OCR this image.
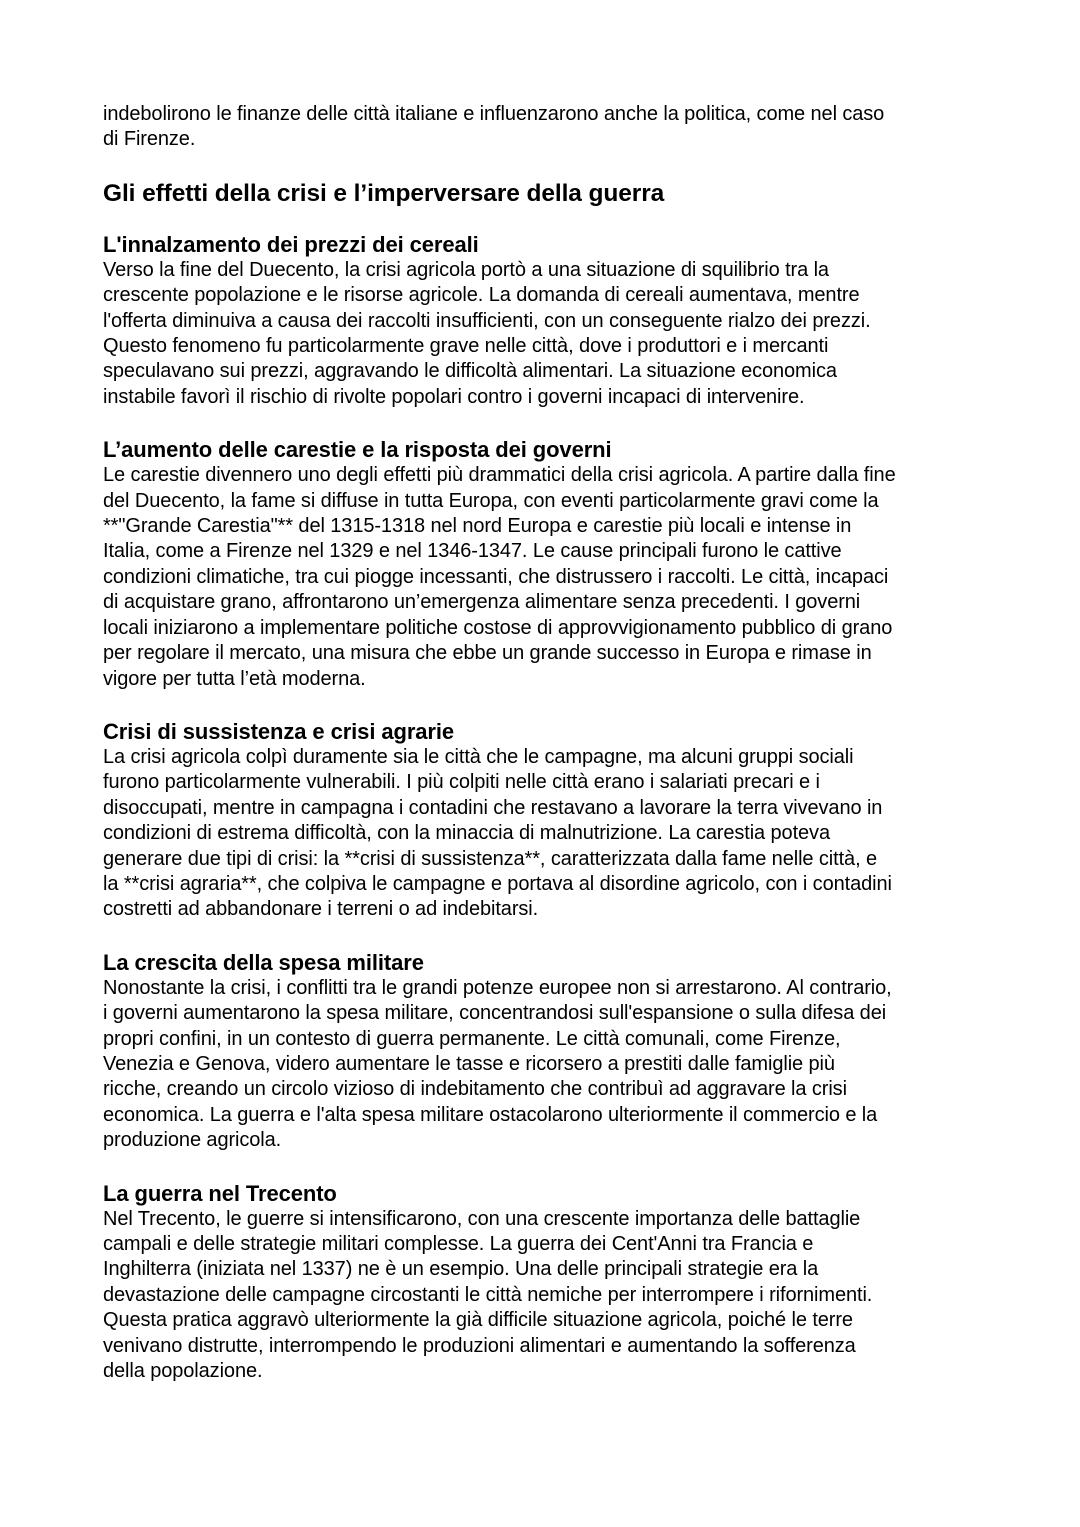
indebolirono le finanze delle città italiane e influenzarono anche la politica, come nel caso
di Firenze.

Gli effetti della crisi e l’imperversare della guerra
L'innalzamento dei prezzi dei cereali

Verso la fine del Duecento, la crisi agricola portò a una situazione di squilibrio tra la
crescente popolazione e le risorse agricole. La domanda di cereali aumentava, mentre
l'offerta diminuiva a causa dei raccolti insufficienti, con un conseguente rialzo dei prezzi.
Questo fenomeno fu particolarmente grave nelle città, dove i produttori e i mercanti
speculavano sui prezzi, aggravando le difficoltà alimentari. La situazione economica
instabile favorì il rischio di rivolte popolari contro i governi incapaci di intervenire.

L’aumento delle carestie e la risposta dei governi

Le carestie divennero uno degli effetti più drammatici della crisi agricola. A partire dalla fine
del Duecento, la fame si diffuse in tutta Europa, con eventi particolarmente gravi come la
**"Grande Carestia"** del 1315-1318 nel nord Europa e carestie più locali e intense in
Italia, come a Firenze nel 1329 e nel 1346-1347. Le cause principali furono le cattive
condizioni climatiche, tra cui piogge incessanti, che distrussero i raccolti. Le città, incapaci
di acquistare grano, affrontarono un’emergenza alimentare senza precedenti. I governi
locali iniziarono a implementare politiche costose di approvvigionamento pubblico di grano
per regolare il mercato, una misura che ebbe un grande successo in Europa e rimase in
vigore per tutta l’età moderna.

Crisi di sussistenza e crisi agrarie

La crisi agricola colpì duramente sia le città che le campagne, ma alcuni gruppi sociali
furono particolarmente vulnerabili. I più colpiti nelle città erano i salariati precari e i
disoccupati, mentre in campagna i contadini che restavano a lavorare la terra vivevano in
condizioni di estrema difficoltà, con la minaccia di malnutrizione. La carestia poteva
generare due tipi di crisi: la **crisi di sussistenza**, caratterizzata dalla fame nelle città, e
la **crisi agraria**, che colpiva le campagne e portava al disordine agricolo, con i contadini
costretti ad abbandonare i terreni o ad indebitarsi.

La crescita della spesa militare

Nonostante la crisi, i conflitti tra le grandi potenze europee non si arrestarono. Al contrario,
i governi aumentarono la spesa militare, concentrandosi sull'espansione o sulla difesa dei
propri confini, in un contesto di guerra permanente. Le città comunali, come Firenze,
Venezia e Genova, videro aumentare le tasse e ricorsero a prestiti dalle famiglie più
ricche, creando un circolo vizioso di indebitamento che contribuì ad aggravare la crisi
economica. La guerra e l'alta spesa militare ostacolarono ulteriormente il commercio e la
produzione agricola.

La guerra nel Trecento

Nel Trecento, le guerre si intensificarono, con una crescente importanza delle battaglie
campali e delle strategie militari complesse. La guerra dei Cent'Anni tra Francia e
Inghilterra (iniziata nel 1337) ne è un esempio. Una delle principali strategie era la
devastazione delle campagne circostanti le città nemiche per interrompere i rifornimenti.
Questa pratica aggravò ulteriormente la già difficile situazione agricola, poiché le terre
venivano distrutte, interrompendo le produzioni alimentari e aumentando la sofferenza
della popolazione.
